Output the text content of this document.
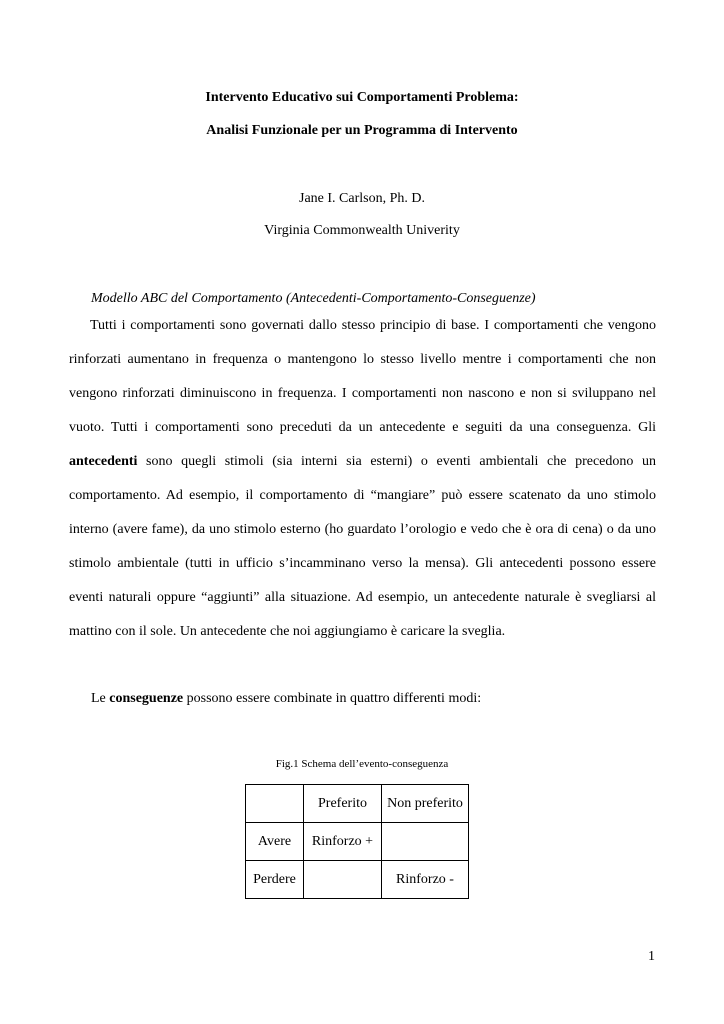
Intervento Educativo sui Comportamenti Problema:
Analisi Funzionale per un Programma di Intervento
Jane I. Carlson, Ph. D.
Virginia Commonwealth Univerity
Modello ABC del Comportamento (Antecedenti-Comportamento-Conseguenze)

Tutti i comportamenti sono governati dallo stesso principio di base. I comportamenti che vengono rinforzati aumentano in frequenza o mantengono lo stesso livello mentre i comportamenti che non vengono rinforzati diminuiscono in frequenza. I comportamenti non nascono e non si sviluppano nel vuoto. Tutti i comportamenti sono preceduti da un antecedente e seguiti da una conseguenza. Gli antecedenti sono quegli stimoli (sia interni sia esterni) o eventi ambientali che precedono un comportamento. Ad esempio, il comportamento di “mangiare” può essere scatenato da uno stimolo interno (avere fame), da uno stimolo esterno (ho guardato l’orologio e vedo che è ora di cena) o da uno stimolo ambientale (tutti in ufficio s’incamminano verso la mensa). Gli antecedenti possono essere eventi naturali oppure “aggiunti” alla situazione. Ad esempio, un antecedente naturale è svegliarsi al mattino con il sole. Un antecedente che noi aggiungiamo è caricare la sveglia.

Le conseguenze possono essere combinate in quattro differenti modi:
Fig.1 Schema dell’evento-conseguenza
	Preferito	Non preferito
Avere	Rinforzo +	
Perdere		Rinforzo -
1
